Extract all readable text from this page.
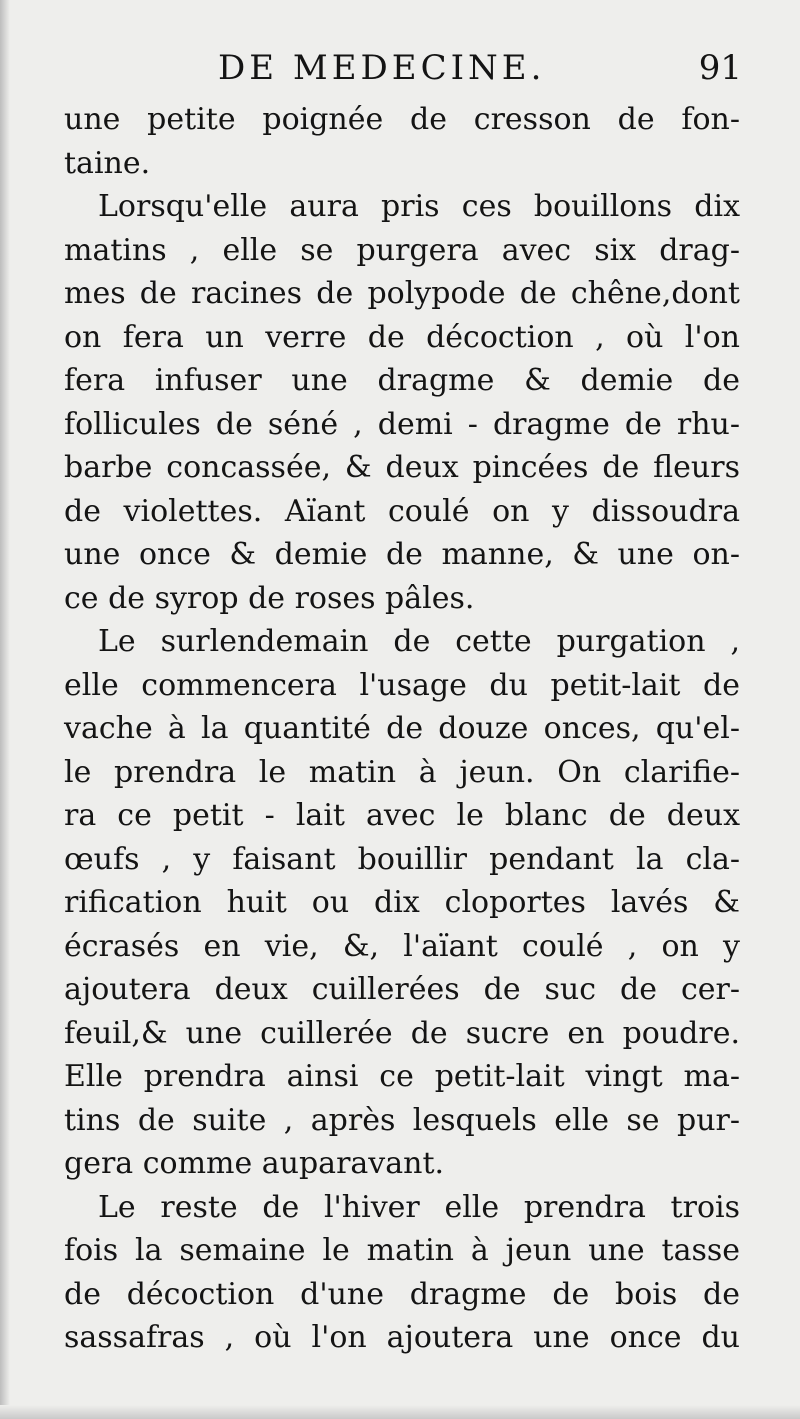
DE MEDECINE.	91
une petite poignée de cresson de fon-
taine.
Lorsqu'elle aura pris ces bouillons dix
matins , elle se purgera avec six drag-
mes de racines de polypode de chêne,dont
on fera un verre de décoction , où l'on
fera infuser une dragme & demie de
follicules de séné , demi - dragme de rhu-
barbe concassée, & deux pincées de fleurs
de violettes. Aïant coulé on y dissoudra
une once & demie de manne, & une on-
ce de syrop de roses pâles.
Le surlendemain de cette purgation ,
elle commencera l'usage du petit-lait de
vache à la quantité de douze onces, qu'el-
le prendra le matin à jeun. On clarifie-
ra ce petit - lait avec le blanc de deux
œufs , y faisant bouillir pendant la cla-
rification huit ou dix cloportes lavés &
écrasés en vie, &, l'aïant coulé , on y
ajoutera deux cuillerées de suc de cer-
feuil,& une cuillerée de sucre en poudre.
Elle prendra ainsi ce petit-lait vingt ma-
tins de suite , après lesquels elle se pur-
gera comme auparavant.
Le reste de l'hiver elle prendra trois
fois la semaine le matin à jeun une tasse
de décoction d'une dragme de bois de
sassafras , où l'on ajoutera une once du
